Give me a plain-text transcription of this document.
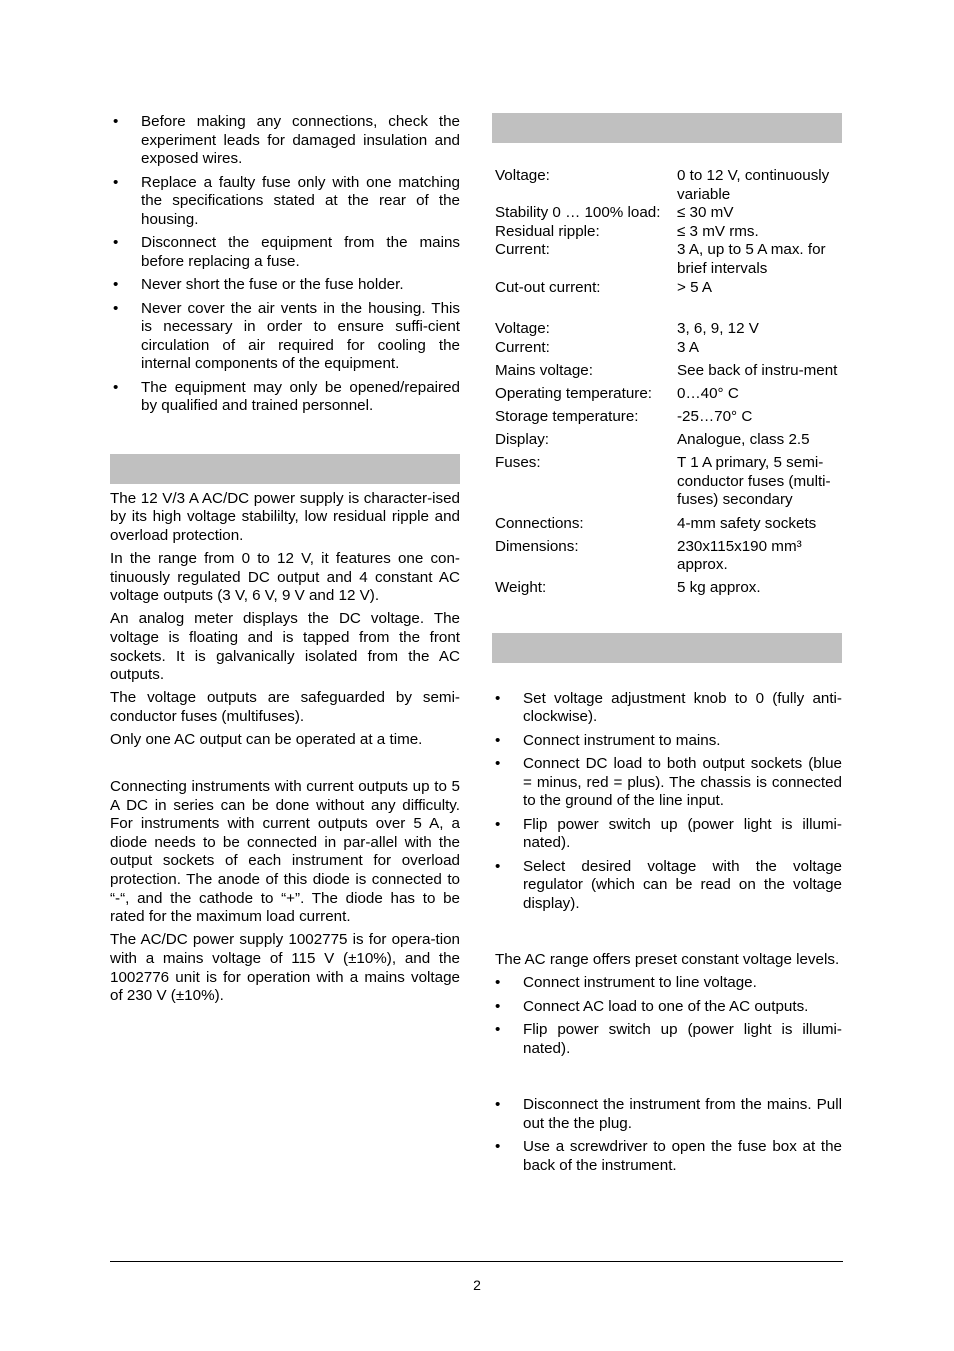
• Before making any connections, check the experiment leads for damaged insulation and exposed wires.
• Replace a faulty fuse only with one matching the specifications stated at the rear of the housing.
• Disconnect the equipment from the mains before replacing a fuse.
• Never short the fuse or the fuse holder.
• Never cover the air vents in the housing. This is necessary in order to ensure suffi-cient circulation of air required for cooling the internal components of the equipment.
• The equipment may only be opened/repaired by qualified and trained personnel.

The 12 V/3 A AC/DC power supply is character-ised by its high voltage stabililty, low residual ripple and overload protection.

In the range from 0 to 12 V, it features one con-tinuously regulated DC output and 4 constant AC voltage outputs (3 V, 6 V, 9 V and 12 V).

An analog meter displays the DC voltage. The voltage is floating and is tapped from the front sockets. It is galvanically isolated from the AC outputs.

The voltage outputs are safeguarded by semi-conductor fuses (multifuses).

Only one AC output can be operated at a time.

Connecting instruments with current outputs up to 5 A DC in series can be done without any difficulty. For instruments with current outputs over 5 A, a diode needs to be connected in par-allel with the output sockets of each instrument for overload protection. The anode of this diode is connected to “-“, and the cathode to “+”. The diode has to be rated for the maximum load current.

The AC/DC power supply 1002775 is for opera-tion with a mains voltage of 115 V (±10%), and the 1002776 unit is for operation with a mains voltage of 230 V (±10%).

Voltage:	0 to 12 V, continuously variable
Stability 0 … 100% load:	≤ 30 mV
Residual ripple:	≤ 3 mV rms.
Current:	3 A, up to 5 A max. for brief intervals
Cut-out current:	> 5 A
Voltage:	3, 6, 9, 12 V
Current:	3 A
Mains voltage:	See back of instru-ment
Operating temperature:	0…40° C
Storage temperature:	-25…70° C
Display:	Analogue, class 2.5
Fuses:	T 1 A primary, 5 semi-conductor fuses (multi-fuses) secondary
Connections:	4-mm safety sockets
Dimensions:	230x115x190 mm³ approx.
Weight:	5 kg approx.
• Set voltage adjustment knob to 0 (fully anti-clockwise).
• Connect instrument to mains.
• Connect DC load to both output sockets (blue = minus, red = plus). The chassis is connected to the ground of the line input.
• Flip power switch up (power light is illumi-nated).
• Select desired voltage with the voltage regulator (which can be read on the voltage display).

The AC range offers preset constant voltage levels.

• Connect instrument to line voltage.
• Connect AC load to one of the AC outputs.
• Flip power switch up (power light is illumi-nated).
• Disconnect the instrument from the mains. Pull out the the plug.
• Use a screwdriver to open the fuse box at the back of the instrument.
2
